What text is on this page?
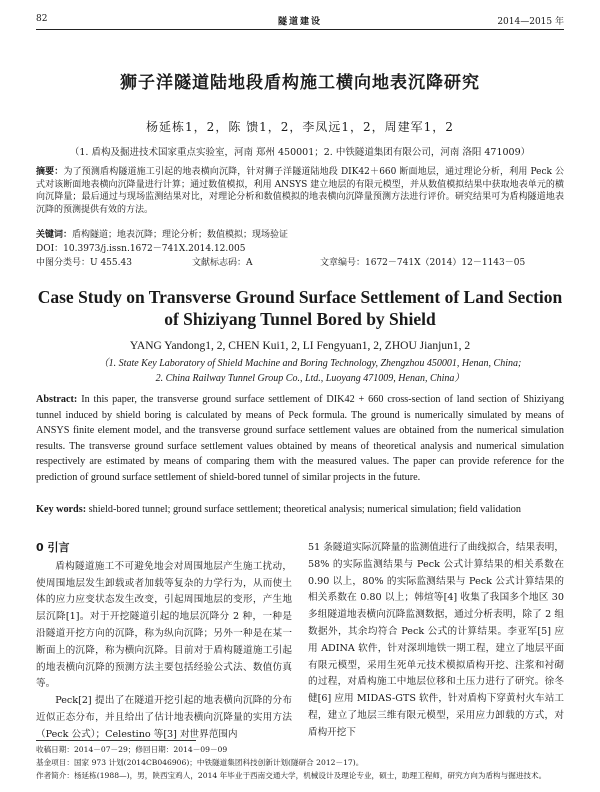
82	隧道建设	2014—2015 年
狮子洋隧道陆地段盾构施工横向地表沉降研究
杨延栋1，2，陈 馈1，2，李凤远1，2，周建军1，2
（1. 盾构及掘进技术国家重点实验室，河南 郑州 450001；2. 中铁隧道集团有限公司，河南 洛阳 471009）
摘要：为了预测盾构隧道施工引起的地表横向沉降，针对狮子洋隧道陆地段 DIK42＋660 断面地层，通过理论分析，利用 Peck 公式对该断面地表横向沉降量进行计算；通过数值模拟，利用 ANSYS 建立地层的有限元模型，并从数值模拟结果中获取地表单元的横向沉降量；最后通过与现场监测结果对比，对理论分析和数值模拟的地表横向沉降量预测方法进行评价。研究结果可为盾构隧道地表沉降的预测提供有效的方法。
关键词：盾构隧道；地表沉降；理论分析；数值模拟；现场验证
DOI：10.3973/j.issn.1672－741X.2014.12.005
中图分类号：U 455.43	文献标志码：A	文章编号：1672－741X（2014）12－1143－05
Case Study on Transverse Ground Surface Settlement of Land Section of Shiziyang Tunnel Bored by Shield
YANG Yandong1, 2, CHEN Kui1, 2, LI Fengyuan1, 2, ZHOU Jianjun1, 2
（1. State Key Laboratory of Shield Machine and Boring Technology, Zhengzhou 450001, Henan, China;
2. China Railway Tunnel Group Co., Ltd., Luoyang 471009, Henan, China）
Abstract: In this paper, the transverse ground surface settlement of DIK42 + 660 cross-section of land section of Shiziyang tunnel induced by shield boring is calculated by means of Peck formula. The ground is numerically simulated by means of ANSYS finite element model, and the transverse ground surface settlement values are obtained from the numerical simulation results. The transverse ground surface settlement values obtained by means of theoretical analysis and numerical simulation respectively are estimated by means of comparing them with the measured values. The paper can provide reference for the prediction of ground surface settlement of shield-bored tunnel of similar projects in the future.
Key words: shield-bored tunnel; ground surface settlement; theoretical analysis; numerical simulation; field validation
0 引言

盾构隧道施工不可避免地会对周围地层产生施工扰动，使周围地层发生卸载或者加载等复杂的力学行为，从而使土体的应力应变状态发生改变，引起周围地层的变形，产生地层沉降[1]。对于开挖隧道引起的地层沉降分 2 种，一种是沿隧道开挖方向的沉降，称为纵向沉降；另外一种是在某一断面上的沉降，称为横向沉降。目前对于盾构隧道施工引起的地表横向沉降的预测方法主要包括经验公式法、数值仿真等。

Peck[2] 提出了在隧道开挖引起的地表横向沉降的分布近似正态分布，并且给出了估计地表横向沉降量的实用方法（Peck 公式）；Celestino 等[3] 对世界范围内

51 条隧道实际沉降量的监测值进行了曲线拟合，结果表明，58% 的实际监测结果与 Peck 公式计算结果的相关系数在 0.90 以上，80% 的实际监测结果与 Peck 公式计算结果的相关系数在 0.80 以上；韩煊等[4] 收集了我国多个地区 30 多组隧道地表横向沉降监测数据，通过分析表明，除了 2 组数据外，其余均符合 Peck 公式的计算结果。李亚军[5] 应用 ADINA 软件，针对深圳地铁一期工程，建立了地层平面有限元模型，采用生死单元技术模拟盾构开挖、注浆和衬砌的过程，对盾构施工中地层位移和土压力进行了研究。徐冬健[6] 应用 MIDAS-GTS 软件，针对盾构下穿黄村火车站工程，建立了地层三维有限元模型，采用应力卸载的方式，对盾构开挖下

收稿日期：2014－07－29；修回日期：2014－09－09
基金项目：国家 973 计划(2014CB046906)；中铁隧道集团科技创新计划(隧研合 2012－17)。
作者简介：杨延栋(1988—)，男，陕西宝鸡人，2014 年毕业于西南交通大学，机械设计及理论专业，硕士，助理工程师，研究方向为盾构与掘进技术。
